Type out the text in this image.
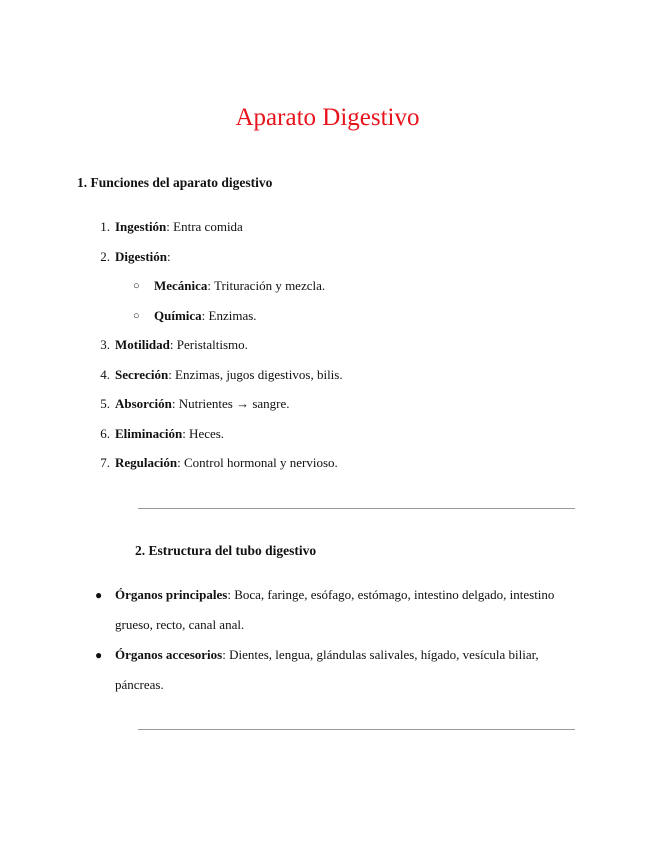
Aparato Digestivo
1. Funciones del aparato digestivo
1. Ingestión: Entra comida
2. Digestión:
○ Mecánica: Trituración y mezcla.
○ Química: Enzimas.
3. Motilidad: Peristaltismo.
4. Secreción: Enzimas, jugos digestivos, bilis.
5. Absorción: Nutrientes → sangre.
6. Eliminación: Heces.
7. Regulación: Control hormonal y nervioso.
2. Estructura del tubo digestivo
● Órganos principales: Boca, faringe, esófago, estómago, intestino delgado, intestino grueso, recto, canal anal.
● Órganos accesorios: Dientes, lengua, glándulas salivales, hígado, vesícula biliar, páncreas.
